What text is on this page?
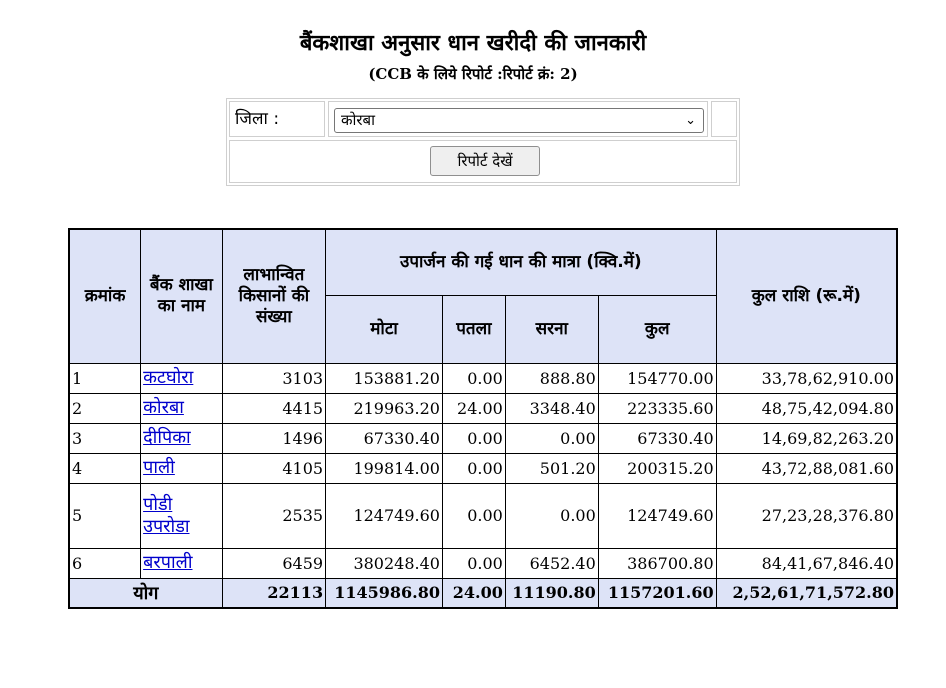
बैंकशाखा अनुसार धान खरीदी की जानकारी
(CCB के लिये रिपोर्ट :रिपोर्ट क्रं: 2)
जिला :	कोरबा	⌄
रिपोर्ट देखें
क्रमांक	बैंक शाखा का नाम	लाभान्वित किसानों की संख्या	उपार्जन की गई धान की मात्रा (क्वि.में)				कुल राशि (रू.में)
			मोटा	पतला	सरना	कुल	
1	कटघोरा	3103	153881.20	0.00	888.80	154770.00	33,78,62,910.00
2	कोरबा	4415	219963.20	24.00	3348.40	223335.60	48,75,42,094.80
3	दीपिका	1496	67330.40	0.00	0.00	67330.40	14,69,82,263.20
4	पाली	4105	199814.00	0.00	501.20	200315.20	43,72,88,081.60
5	पोडी उपरोडा	2535	124749.60	0.00	0.00	124749.60	27,23,28,376.80
6	बरपाली	6459	380248.40	0.00	6452.40	386700.80	84,41,67,846.40
योग		22113	1145986.80	24.00	11190.80	1157201.60	2,52,61,71,572.80
